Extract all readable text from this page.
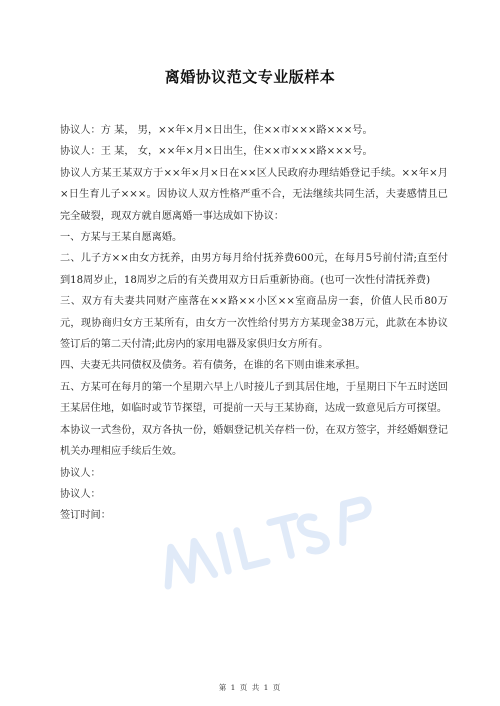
离婚协议范文专业版样本

协议人：方 某， 男，××年×月×日出生，住××市×××路×××号。

协议人：王 某， 女，××年×月×日出生，住××市×××路×××号。

协议人方某王某双方于××年×月×日在××区人民政府办理结婚登记手续。××年×月×日生育儿子×××。因协议人双方性格严重不合，无法继续共同生活，夫妻感情且已完全破裂，现双方就自愿离婚一事达成如下协议：

一、方某与王某自愿离婚。

二、儿子方××由女方抚养，由男方每月给付抚养费600元，在每月5号前付清;直至付到18周岁止，18周岁之后的有关费用双方日后重新协商。(也可一次性付清抚养费)

三、双方有夫妻共同财产座落在××路××小区××室商品房一套，价值人民币80万元，现协商归女方王某所有，由女方一次性给付男方方某现金38万元，此款在本协议签订后的第二天付清;此房内的家用电器及家俱归女方所有。

四、夫妻无共同债权及债务。若有债务，在谁的名下则由谁来承担。

五、方某可在每月的第一个星期六早上八时接儿子到其居住地，于星期日下午五时送回王某居住地，如临时或节节探望，可提前一天与王某协商，达成一致意见后方可探望。

本协议一式叁份，双方各执一份，婚姻登记机关存档一份，在双方签字，并经婚姻登记机关办理相应手续后生效。

协议人：

协议人：

签订时间：

第 1 页 共 1 页
